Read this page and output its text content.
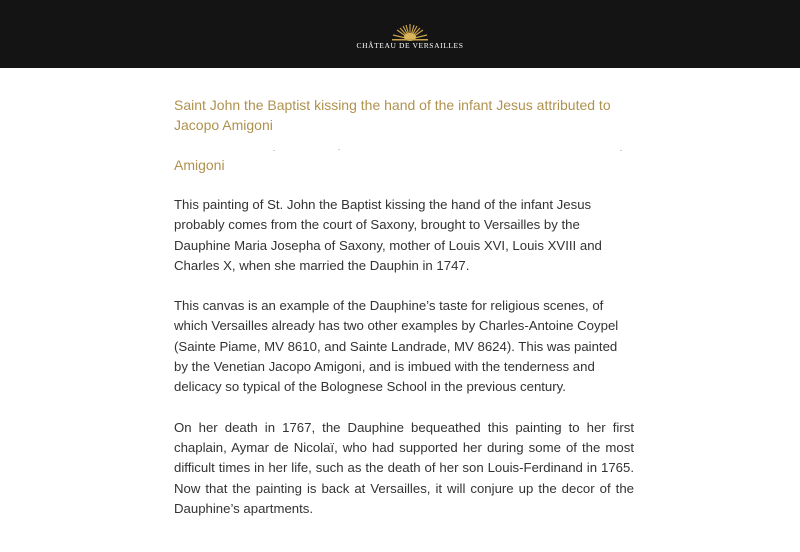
CHÂTEAU DE VERSAILLES
Saint John the Baptist kissing the hand of the infant Jesus attributed to Jacopo Amigoni
Amigoni

This painting of St. John the Baptist kissing the hand of the infant Jesus probably comes from the court of Saxony, brought to Versailles by the Dauphine Maria Josepha of Saxony, mother of Louis XVI, Louis XVIII and Charles X, when she married the Dauphin in 1747.

This canvas is an example of the Dauphine’s taste for religious scenes, of which Versailles already has two other examples by Charles-Antoine Coypel (Sainte Piame, MV 8610, and Sainte Landrade, MV 8624). This was painted by the Venetian Jacopo Amigoni, and is imbued with the tenderness and delicacy so typical of the Bolognese School in the previous century.

On her death in 1767, the Dauphine bequeathed this painting to her first chaplain, Aymar de Nicolaï, who had supported her during some of the most difficult times in her life, such as the death of her son Louis-Ferdinand in 1765. Now that the painting is back at Versailles, it will conjure up the decor of the Dauphine’s apartments.
